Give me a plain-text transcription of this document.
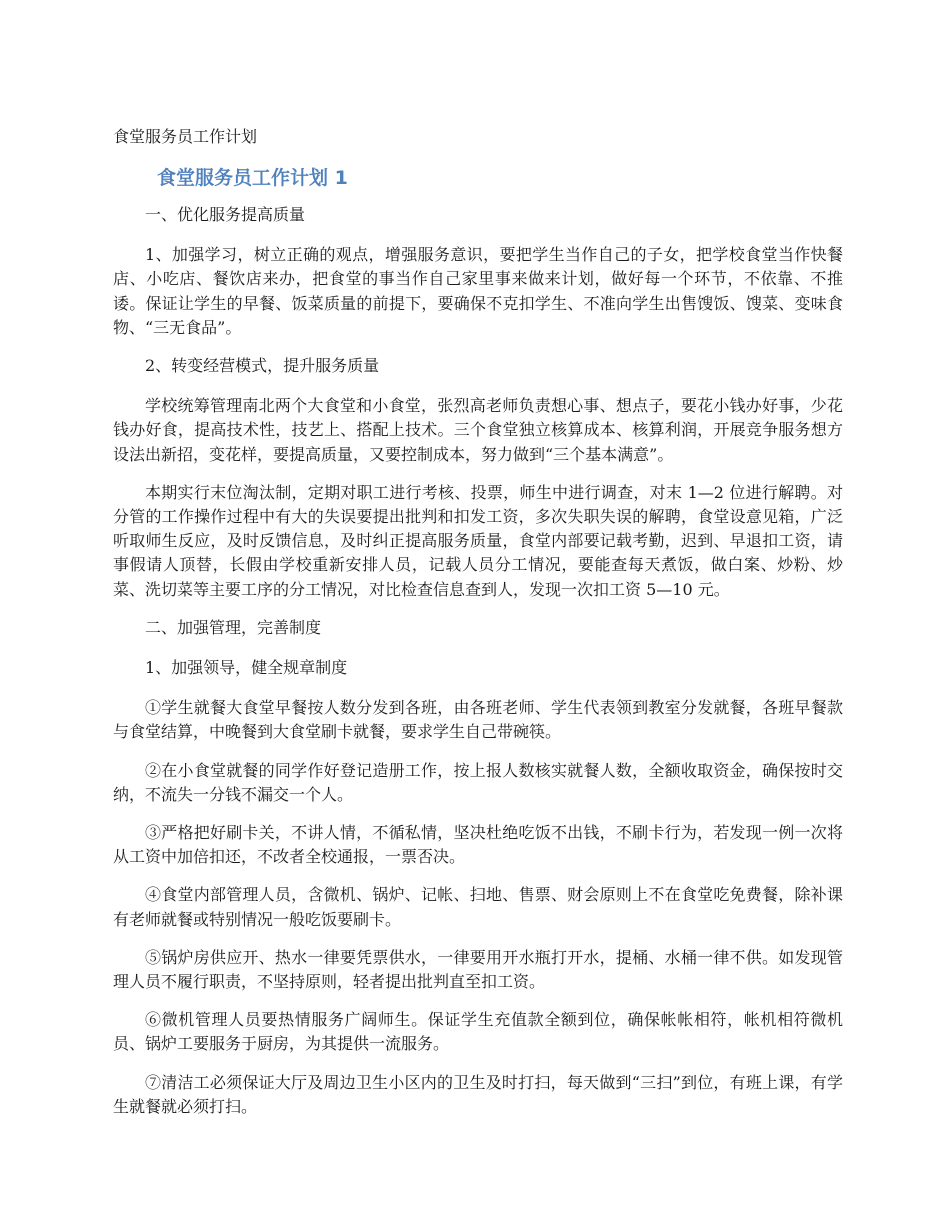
食堂服务员工作计划
食堂服务员工作计划 1

一、优化服务提高质量

1、加强学习，树立正确的观点，增强服务意识，要把学生当作自己的子女，把学校食堂当作快餐店、小吃店、餐饮店来办，把食堂的事当作自己家里事来做来计划，做好每一个环节，不依靠、不推诿。保证让学生的早餐、饭菜质量的前提下，要确保不克扣学生、不准向学生出售馊饭、馊菜、变味食物、“三无食品”。

2、转变经营模式，提升服务质量

学校统筹管理南北两个大食堂和小食堂，张烈高老师负责想心事、想点子，要花小钱办好事，少花钱办好食，提高技术性，技艺上、搭配上技术。三个食堂独立核算成本、核算利润，开展竞争服务想方设法出新招，变花样，要提高质量，又要控制成本，努力做到“三个基本满意”。

本期实行末位淘汰制，定期对职工进行考核、投票，师生中进行调查，对末 1—2 位进行解聘。对分管的工作操作过程中有大的失误要提出批判和扣发工资，多次失职失误的解聘，食堂设意见箱，广泛听取师生反应，及时反馈信息，及时纠正提高服务质量，食堂内部要记载考勤，迟到、早退扣工资，请事假请人顶替，长假由学校重新安排人员，记载人员分工情况，要能查每天煮饭，做白案、炒粉、炒菜、洗切菜等主要工序的分工情况，对比检查信息查到人，发现一次扣工资 5—10 元。

二、加强管理，完善制度

1、加强领导，健全规章制度

①学生就餐大食堂早餐按人数分发到各班，由各班老师、学生代表领到教室分发就餐，各班早餐款与食堂结算，中晚餐到大食堂刷卡就餐，要求学生自己带碗筷。

②在小食堂就餐的同学作好登记造册工作，按上报人数核实就餐人数，全额收取资金，确保按时交纳，不流失一分钱不漏交一个人。

③严格把好刷卡关，不讲人情，不循私情，坚决杜绝吃饭不出钱，不刷卡行为，若发现一例一次将从工资中加倍扣还，不改者全校通报，一票否决。

④食堂内部管理人员，含微机、锅炉、记帐、扫地、售票、财会原则上不在食堂吃免费餐，除补课有老师就餐或特别情况一般吃饭要刷卡。

⑤锅炉房供应开、热水一律要凭票供水，一律要用开水瓶打开水，提桶、水桶一律不供。如发现管理人员不履行职责，不坚持原则，轻者提出批判直至扣工资。

⑥微机管理人员要热情服务广阔师生。保证学生充值款全额到位，确保帐帐相符，帐机相符微机员、锅炉工要服务于厨房，为其提供一流服务。

⑦清洁工必须保证大厅及周边卫生小区内的卫生及时打扫，每天做到“三扫”到位，有班上课，有学生就餐就必须打扫。
